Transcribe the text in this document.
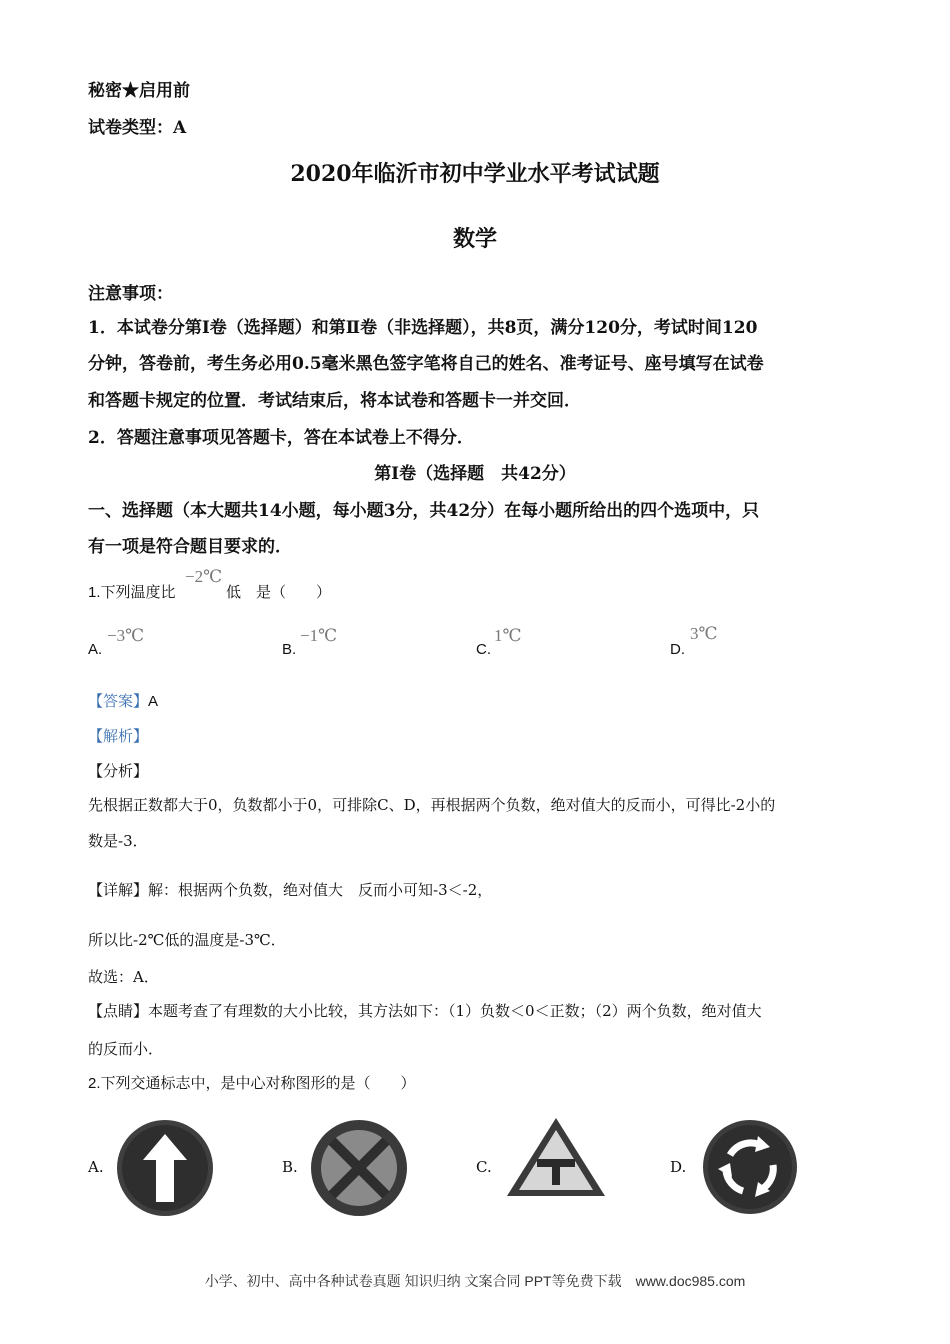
秘密★启用前
试卷类型：A
2020年临沂市初中学业水平考试试题
数学
注意事项：
1．本试卷分第Ⅰ卷（选择题）和第Ⅱ卷（非选择题），共8页，满分120分，考试时间120
分钟，答卷前，考生务必用0.5毫米黑色签字笔将自己的姓名、准考证号、座号填写在试卷
和答题卡规定的位置．考试结束后，将本试卷和答题卡一并交回．
2．答题注意事项见答题卡，答在本试卷上不得分．
第Ⅰ卷（选择题　共42分）
一、选择题（本大题共14小题，每小题3分，共42分）在每小题所给出的四个选项中，只
有一项是符合题目要求的．
1.下列温度比
−2℃
低　是（　　）
A.
−3℃
B.
−1℃
C.
1℃
D.
3℃
【答案】A
【解析】
【分析】
先根据正数都大于0，负数都小于0，可排除C、D，再根据两个负数，绝对值大的反而小，可得比-2小的
数是-3．
【详解】解：根据两个负数，绝对值大　反而小可知-3＜-2，
所以比-2℃低的温度是-3℃．
故选：A．
【点睛】本题考查了有理数的大小比较，其方法如下：（1）负数＜0＜正数；（2）两个负数，绝对值大
的反而小．
2.下列交通标志中，是中心对称图形的是（　　）
A.	B.	C.	D.
小学、初中、高中各种试卷真题 知识归纳 文案合同 PPT等免费下载　www.doc985.com
